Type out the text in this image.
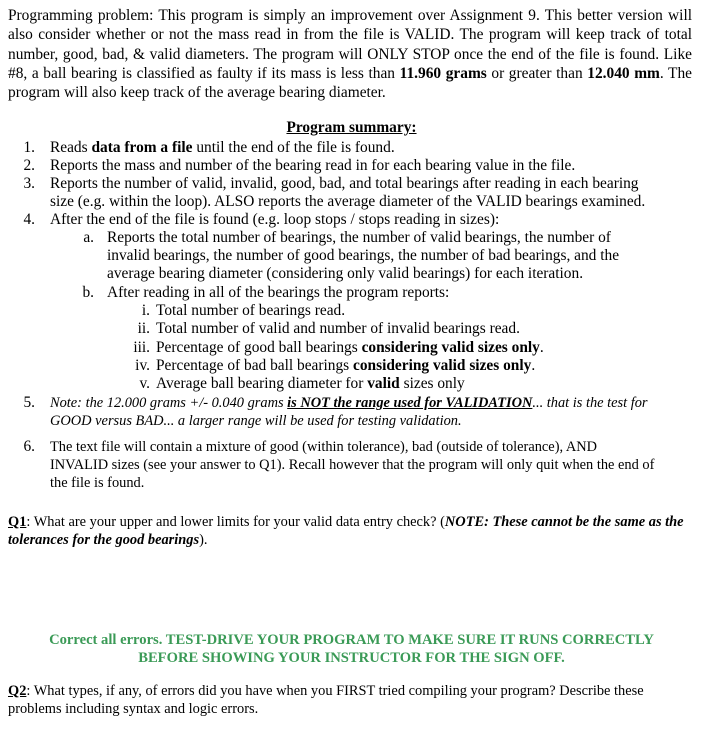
Programming problem: This program is simply an improvement over Assignment 9. This better version will also consider whether or not the mass read in from the file is VALID. The program will keep track of total number, good, bad, & valid diameters. The program will ONLY STOP once the end of the file is found. Like #8, a ball bearing is classified as faulty if its mass is less than 11.960 grams or greater than 12.040 mm. The program will also keep track of the average bearing diameter.

Program summary:
1. Reads data from a file until the end of the file is found.
2. Reports the mass and number of the bearing read in for each bearing value in the file.
3. Reports the number of valid, invalid, good, bad, and total bearings after reading in each bearing
size (e.g. within the loop). ALSO reports the average diameter of the VALID bearings examined.
4. After the end of the file is found (e.g. loop stops / stops reading in sizes):
a. Reports the total number of bearings, the number of valid bearings, the number of
invalid bearings, the number of good bearings, the number of bad bearings, and the
average bearing diameter (considering only valid bearings) for each iteration.
b. After reading in all of the bearings the program reports:
i. Total number of bearings read.
ii. Total number of valid and number of invalid bearings read.
iii. Percentage of good ball bearings considering valid sizes only.
iv. Percentage of bad ball bearings considering valid sizes only.
v. Average ball bearing diameter for valid sizes only
5. Note: the 12.000 grams +/- 0.040 grams is NOT the range used for VALIDATION... that is the test for
GOOD versus BAD... a larger range will be used for testing validation.
6. The text file will contain a mixture of good (within tolerance), bad (outside of tolerance), AND
INVALID sizes (see your answer to Q1). Recall however that the program will only quit when the end of
the file is found.
Q1: What are your upper and lower limits for your valid data entry check? (NOTE: These cannot be the same as the tolerances for the good bearings).
Correct all errors. TEST-DRIVE YOUR PROGRAM TO MAKE SURE IT RUNS CORRECTLY
BEFORE SHOWING YOUR INSTRUCTOR FOR THE SIGN OFF.
Q2: What types, if any, of errors did you have when you FIRST tried compiling your program? Describe these problems including syntax and logic errors.
